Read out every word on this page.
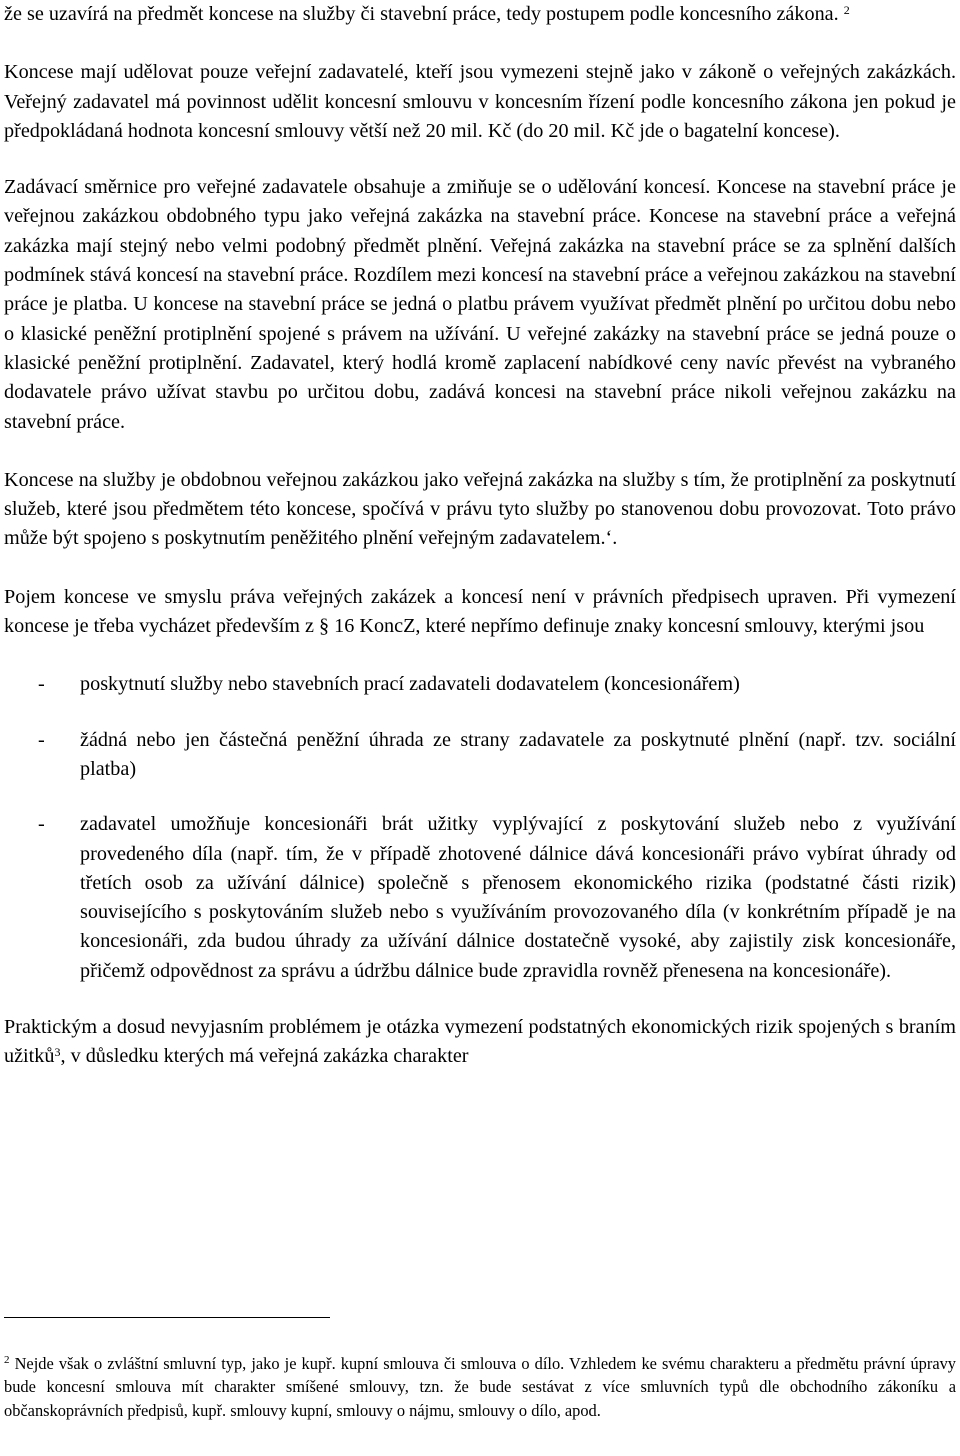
že se uzavírá na předmět koncese na služby či stavební práce, tedy postupem podle koncesního zákona. $^2$

Koncese mají udělovat pouze veřejní zadavatelé, kteří jsou vymezeni stejně jako v zákoně o veřejných zakázkách. Veřejný zadavatel má povinnost udělit koncesní smlouvu v koncesním řízení podle koncesního zákona jen pokud je předpokládaná hodnota koncesní smlouvy větší než 20 mil. Kč (do 20 mil. Kč jde o bagatelní koncese).

Zadávací směrnice pro veřejné zadavatele obsahuje a zmiňuje se o udělování koncesí. Koncese na stavební práce je veřejnou zakázkou obdobného typu jako veřejná zakázka na stavební práce. Koncese na stavební práce a veřejná zakázka mají stejný nebo velmi podobný předmět plnění. Veřejná zakázka na stavební práce se za splnění dalších podmínek stává koncesí na stavební práce. Rozdílem mezi koncesí na stavební práce a veřejnou zakázkou na stavební práce je platba. U koncese na stavební práce se jedná o platbu právem využívat předmět plnění po určitou dobu nebo o klasické peněžní protiplnění spojené s právem na užívání. U veřejné zakázky na stavební práce se jedná pouze o klasické peněžní protiplnění. Zadavatel, který hodlá kromě zaplacení nabídkové ceny navíc převést na vybraného dodavatele právo užívat stavbu po určitou dobu, zadává koncesi na stavební práce nikoli veřejnou zakázku na stavební práce.

Koncese na služby je obdobnou veřejnou zakázkou jako veřejná zakázka na služby s tím, že protiplnění za poskytnutí služeb, které jsou předmětem této koncese, spočívá v právu tyto služby po stanovenou dobu provozovat. Toto právo může být spojeno s poskytnutím peněžitého plnění veřejným zadavatelem.‘.

Pojem koncese ve smyslu práva veřejných zakázek a koncesí není v právních předpisech upraven. Při vymezení koncese je třeba vycházet především z § 16 KoncZ, které nepřímo definuje znaky koncesní smlouvy, kterými jsou

- poskytnutí služby nebo stavebních prací zadavateli dodavatelem (koncesionářem)
- žádná nebo jen částečná peněžní úhrada ze strany zadavatele za poskytnuté plnění (např. tzv. sociální platba)
- zadavatel umožňuje koncesionáři brát užitky vyplývající z poskytování služeb nebo z využívání provedeného díla (např. tím, že v případě zhotovené dálnice dává koncesionáři právo vybírat úhrady od třetích osob za užívání dálnice) společně s přenosem ekonomického rizika (podstatné části rizik) souvisejícího s poskytováním služeb nebo s využíváním provozovaného díla (v konkrétním případě je na koncesionáři, zda budou úhrady za užívání dálnice dostatečně vysoké, aby zajistily zisk koncesionáře, přičemž odpovědnost za správu a údržbu dálnice bude zpravidla rovněž přenesena na koncesionáře).

Praktickým a dosud nevyjasním problémem je otázka vymezení podstatných ekonomických rizik spojených s braním užitků$^3$, v důsledku kterých má veřejná zakázka charakter

$^2$ Nejde však o zvláštní smluvní typ, jako je kupř. kupní smlouva či smlouva o dílo. Vzhledem ke svému charakteru a předmětu právní úpravy bude koncesní smlouva mít charakter smíšené smlouvy, tzn. že bude sestávat z více smluvních typů dle obchodního zákoníku a občanskoprávních předpisů, kupř. smlouvy kupní, smlouvy o nájmu, smlouvy o dílo, apod.
